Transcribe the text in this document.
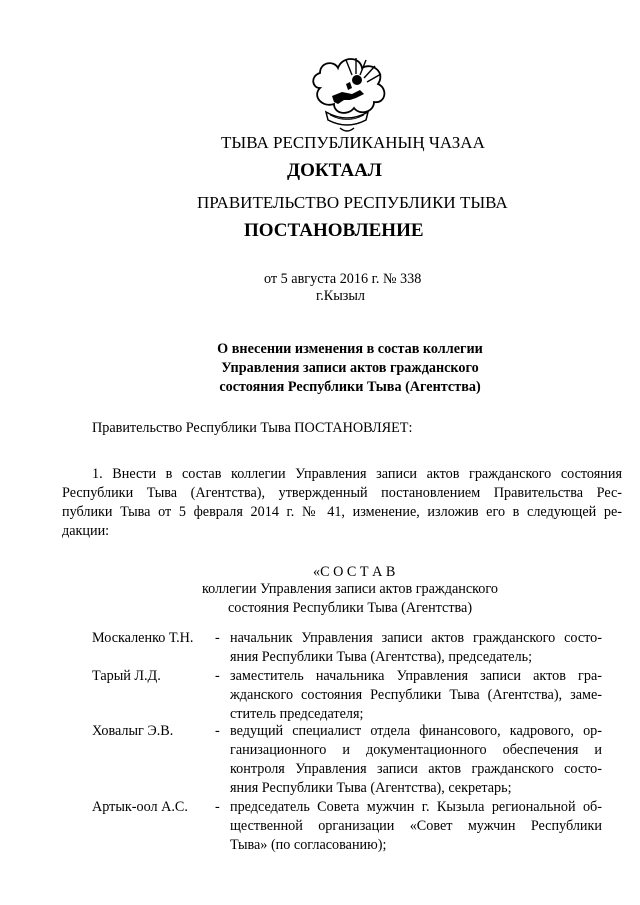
ТЫВА РЕСПУБЛИКАНЫҢ ЧАЗАА
ДОКТААЛ
ПРАВИТЕЛЬСТВО РЕСПУБЛИКИ ТЫВА
ПОСТАНОВЛЕНИЕ
от 5 августа 2016 г. № 338
г.Кызыл
О внесении изменения в состав коллегии
Управления записи актов гражданского
состояния Республики Тыва (Агентства)
Правительство Республики Тыва ПОСТАНОВЛЯЕТ:
1. Внести в состав коллегии Управления записи актов гражданского состояния
Республики Тыва (Агентства), утвержденный постановлением Правительства Рес-
публики Тыва от 5 февраля 2014 г. № 41, изменение, изложив его в следующей ре-
дакции:
«С О С Т А В
коллегии Управления записи актов гражданского
состояния Республики Тыва (Агентства)
Москаленко Т.Н. - начальник Управления записи актов гражданского состо-
яния Республики Тыва (Агентства), председатель;
Тарый Л.Д.	- заместитель начальника Управления записи актов гра-
жданского состояния Республики Тыва (Агентства), заме-
ститель председателя;
Ховалыг Э.В.	- ведущий специалист отдела финансового, кадрового, ор-
ганизационного и документационного обеспечения и
контроля Управления записи актов гражданского состо-
яния Республики Тыва (Агентства), секретарь;
Артык-оол А.С. - председатель Совета мужчин г. Кызыла региональной об-
щественной организации «Совет мужчин Республики
Тыва» (по согласованию);
